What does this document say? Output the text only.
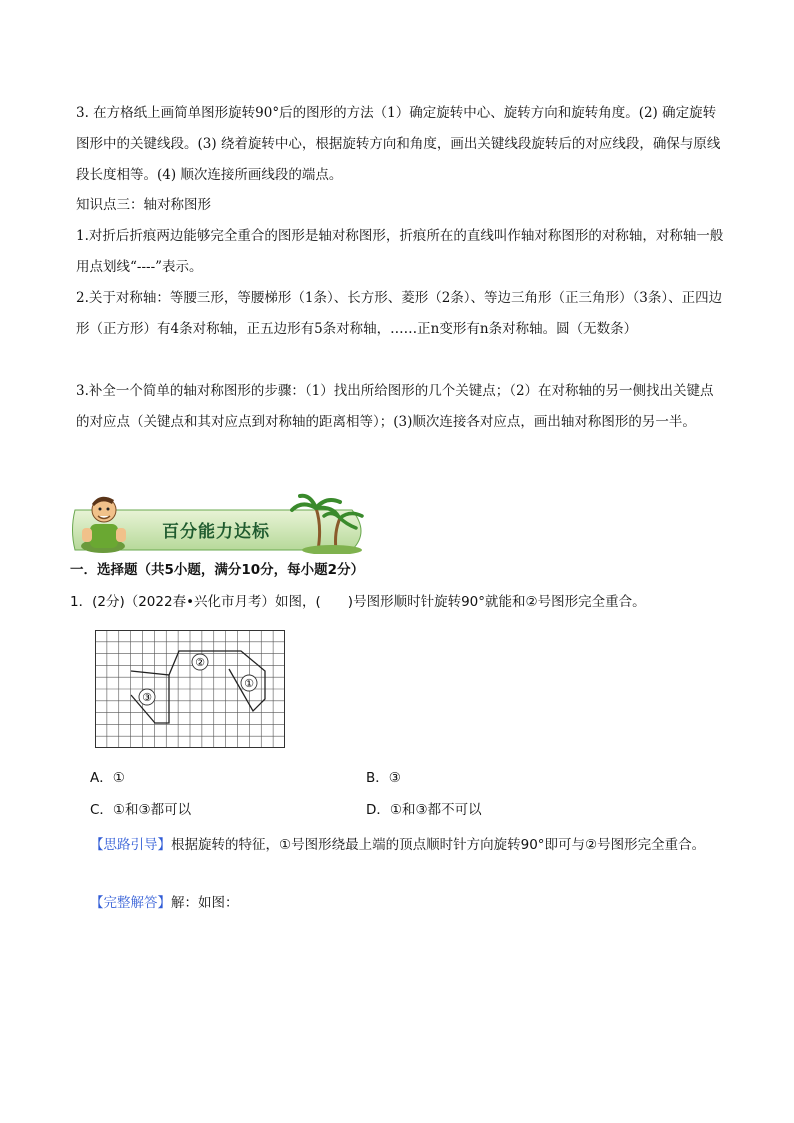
3. 在方格纸上画简单图形旋转90°后的图形的方法（1）确定旋转中心、旋转方向和旋转角度。(2) 确定旋转图形中的关键线段。(3) 绕着旋转中心，根据旋转方向和角度，画出关键线段旋转后的对应线段，确保与原线段长度相等。(4) 顺次连接所画线段的端点。

知识点三：轴对称图形

1.对折后折痕两边能够完全重合的图形是轴对称图形，折痕所在的直线叫作轴对称图形的对称轴，对称轴一般用点划线“----”表示。

2.关于对称轴：等腰三形，等腰梯形（1条）、长方形、菱形（2条）、等边三角形（正三角形）（3条）、正四边形（正方形）有4条对称轴，正五边形有5条对称轴，……正n变形有n条对称轴。圆（无数条）

3.补全一个简单的轴对称图形的步骤：（1）找出所给图形的几个关键点；（2）在对称轴的另一侧找出关键点的对应点（关键点和其对应点到对称轴的距离相等）；(3)顺次连接各对应点，画出轴对称图形的另一半。

百分能力达标
一．选择题（共5小题，满分10分，每小题2分）
1．(2分)（2022春•兴化市月考）如图，(　　)号图形顺时针旋转90°就能和②号图形完全重合。
②
①
③
A．①	B．③
C．①和③都可以	D．①和③都不可以
【思路引导】根据旋转的特征，①号图形绕最上端的顶点顺时针方向旋转90°即可与②号图形完全重合。
【完整解答】解：如图：
